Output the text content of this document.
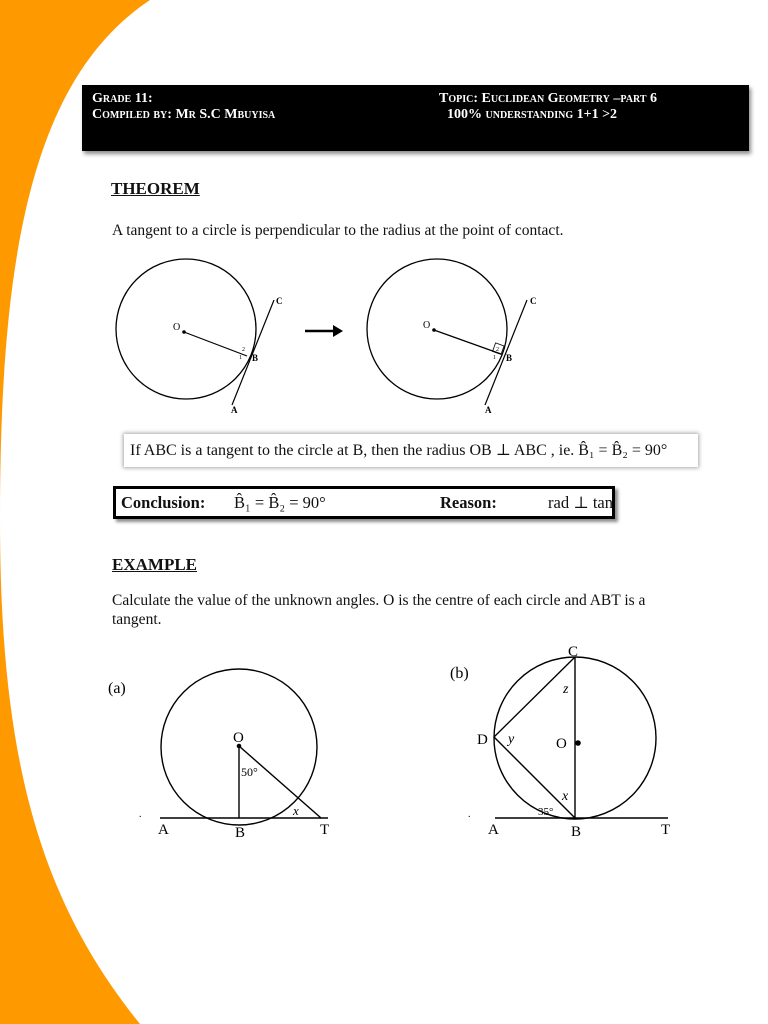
Grade 11:
Compiled by: Mr S.C Mbuyisa
Topic: Euclidean Geometry –part 6
100% understanding 1+1 >2
THEOREM
A tangent to a circle is perpendicular to the radius at the point of contact.
O
B
C
A
2
1
O
B
C
A
2
1
If ABC is a tangent to the circle at B, then the radius OB ⊥ ABC , ie. B̂₁ = B̂₂ = 90°
Conclusion: B̂₁ = B̂₂ = 90°	Reason:	rad ⊥ tan
EXAMPLE
Calculate the value of the unknown angles. O is the centre of each circle and ABT is a tangent.
(a)
.
O
50°
x
A	B	T
(b)
.
C
D	O
z
y
x
35°
A	B	T
